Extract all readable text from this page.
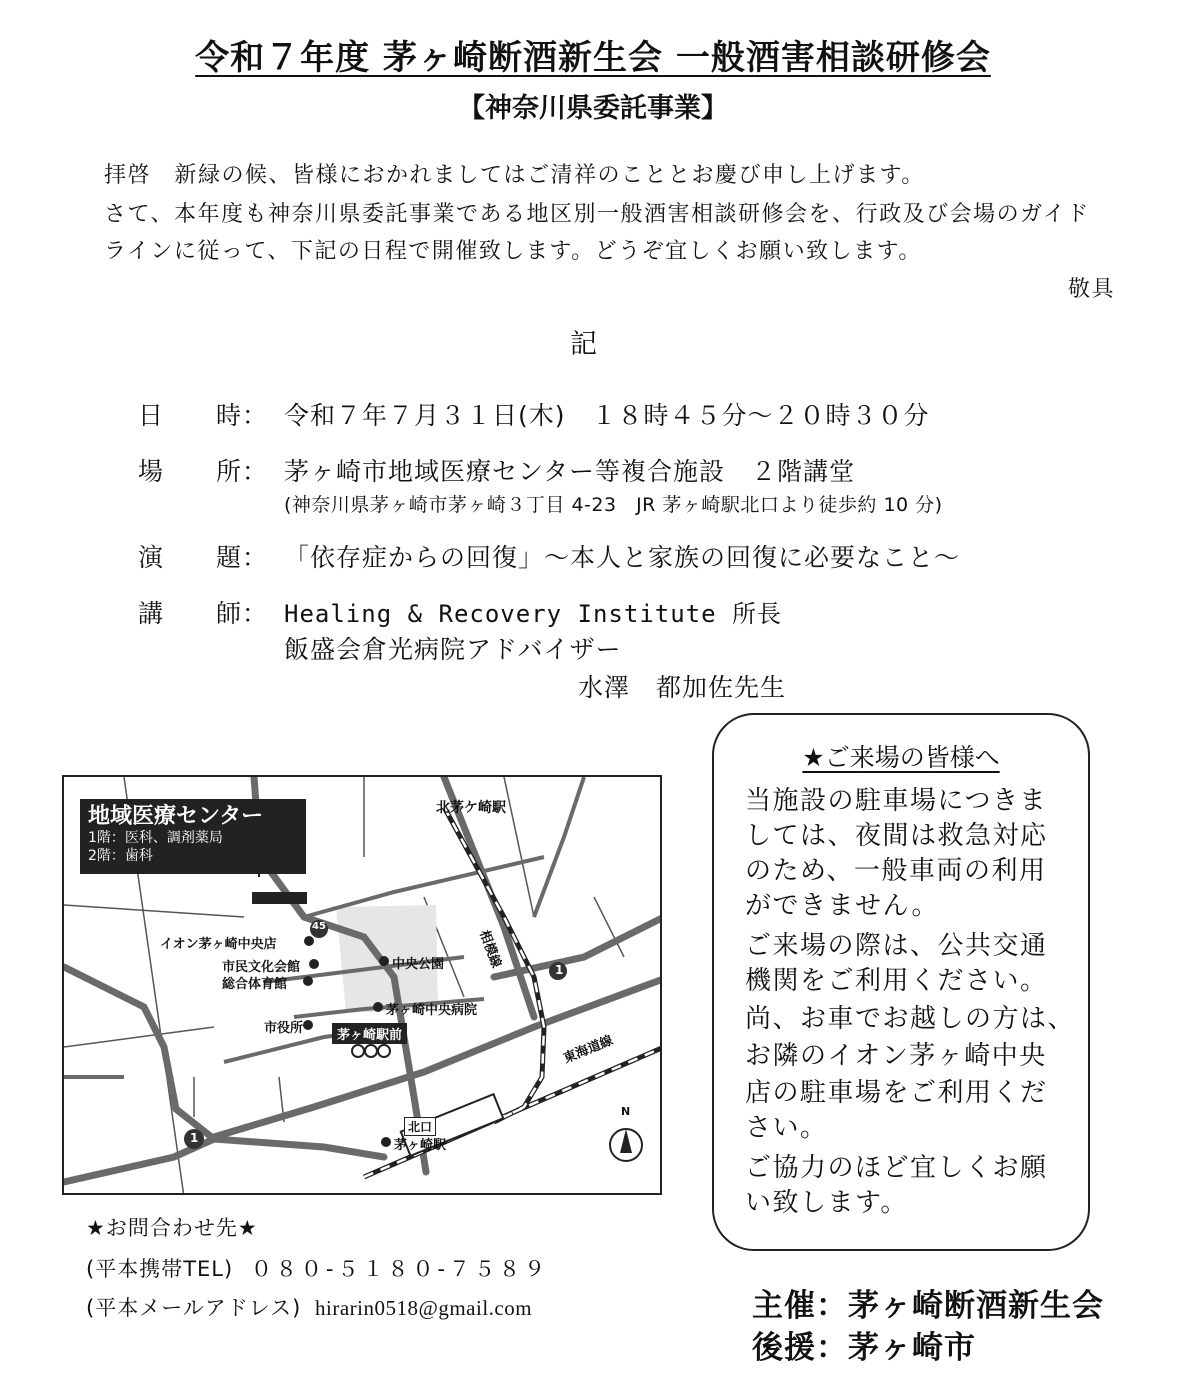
令和７年度 茅ヶ崎断酒新生会 一般酒害相談研修会
【神奈川県委託事業】
拝啓　新緑の候、皆様におかれましてはご清祥のこととお慶び申し上げます。
さて、本年度も神奈川県委託事業である地区別一般酒害相談研修会を、行政及び会場のガイド
ラインに従って、下記の日程で開催致します。どうぞ宜しくお願い致します。
敬具
記
日　　時： 令和７年７月３１日(木)　１８時４５分～２０時３０分
場　　所： 茅ヶ崎市地域医療センター等複合施設　２階講堂
(神奈川県茅ヶ崎市茅ヶ崎３丁目 4-23　JR 茅ヶ崎駅北口より徒歩約 10 分)
演　　題： 「依存症からの回復」～本人と家族の回復に必要なこと～
講　　師： Healing & Recovery Institute 所長
飯盛会倉光病院アドバイザー
水澤　都加佐先生
地域医療センター
1階：医科、調剤薬局
2階：歯科
北茅ケ崎駅
相模線
イオン茅ヶ崎中央店
市民文化会館
総合体育館
中央公園
茅ヶ崎中央病院
市役所	茅ヶ崎駅前	東海道線
北口
茅ヶ崎駅
45
1
1
N
★ご来場の皆様へ
当施設の駐車場につきま
しては、夜間は救急対応
のため、一般車両の利用
ができません。
ご来場の際は、公共交通
機関をご利用ください。
尚、お車でお越しの方は、
お隣のイオン茅ヶ崎中央
店の駐車場をご利用くだ
さい。
ご協力のほど宜しくお願
い致します。
★お問合わせ先★
(平本携帯TEL) ０８０-５１８０-７５８９
(平本メールアドレス) hirarin0518@gmail.com	主催：茅ヶ崎断酒新生会
後援：茅ヶ崎市
